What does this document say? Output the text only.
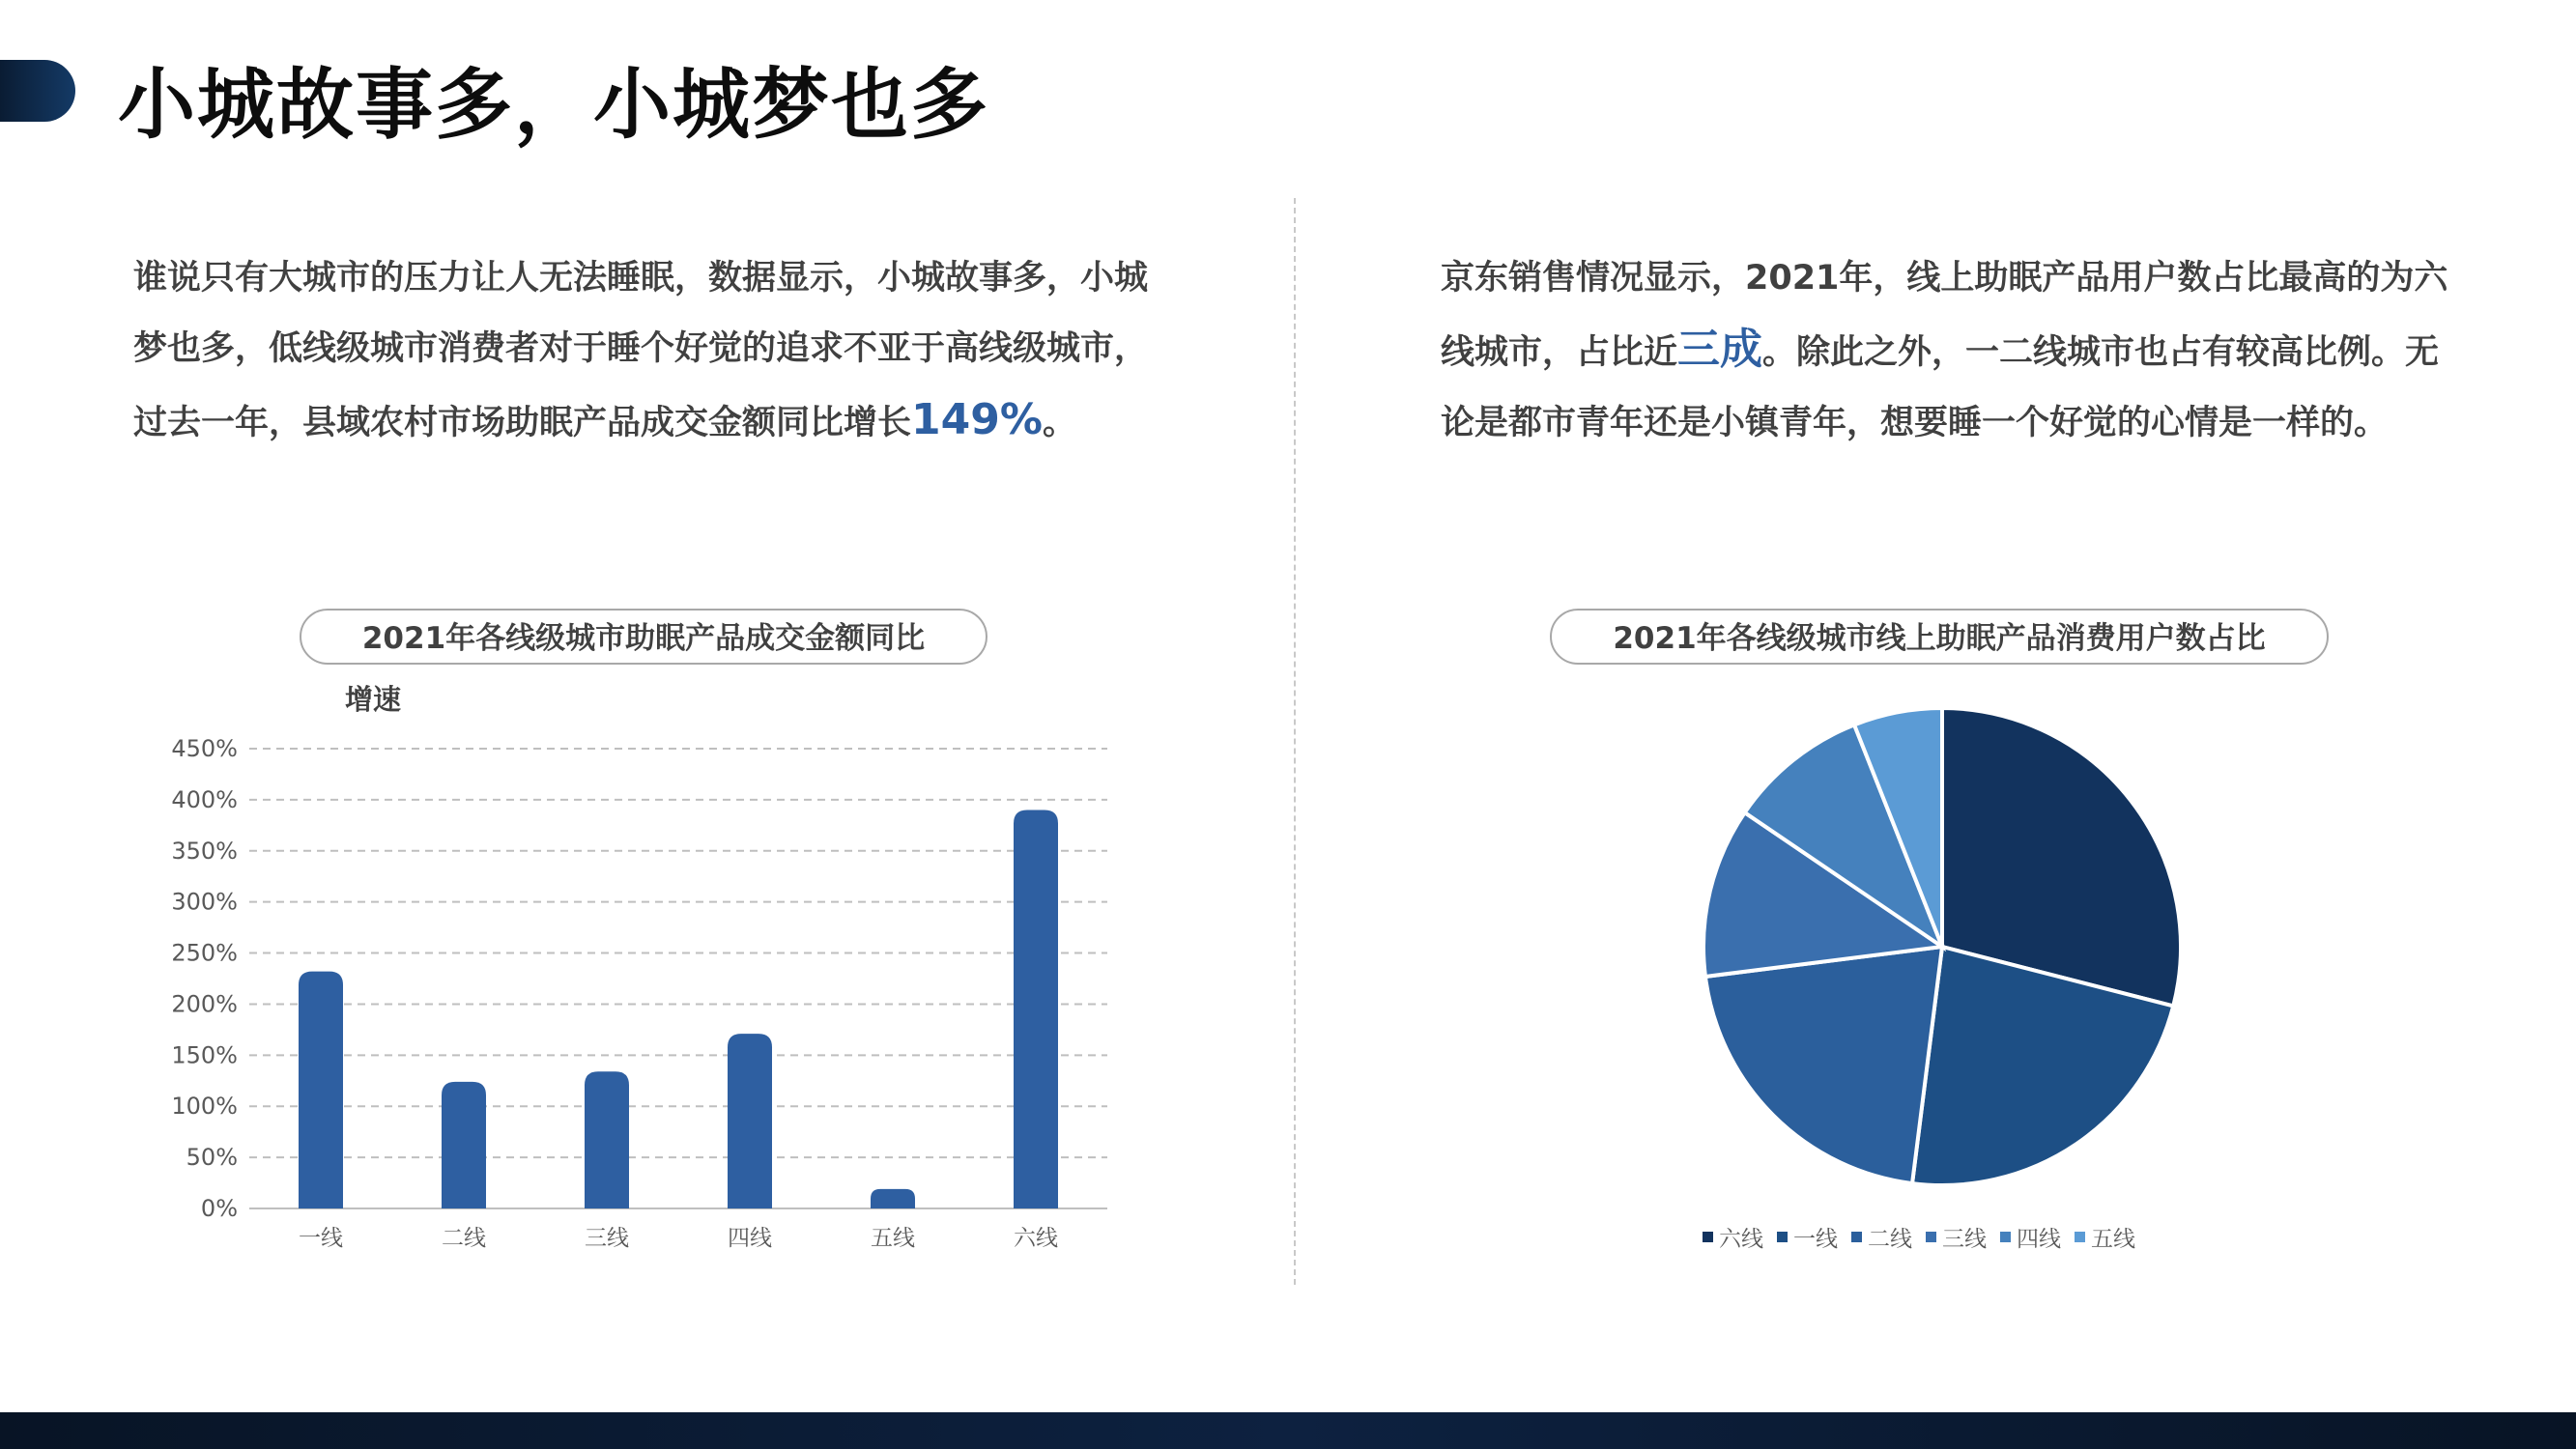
小城故事多，小城梦也多
谁说只有大城市的压力让人无法睡眠，数据显示，小城故事多，小城梦也多，低线级城市消费者对于睡个好觉的追求不亚于高线级城市，过去一年，县域农村市场助眠产品成交金额同比增长149%。
京东销售情况显示，2021年，线上助眠产品用户数占比最高的为六线城市，占比近三成。除此之外，一二线城市也占有较高比例。无论是都市青年还是小镇青年，想要睡一个好觉的心情是一样的。
2021年各线级城市助眠产品成交金额同比
增速
2021年各线级城市线上助眠产品消费用户数占比
0%
50%
100%
150%
200%
250%
300%
350%
400%
450%
一线	二线	三线	四线	五线	六线	六线 一线 二线 三线 四线 五线
